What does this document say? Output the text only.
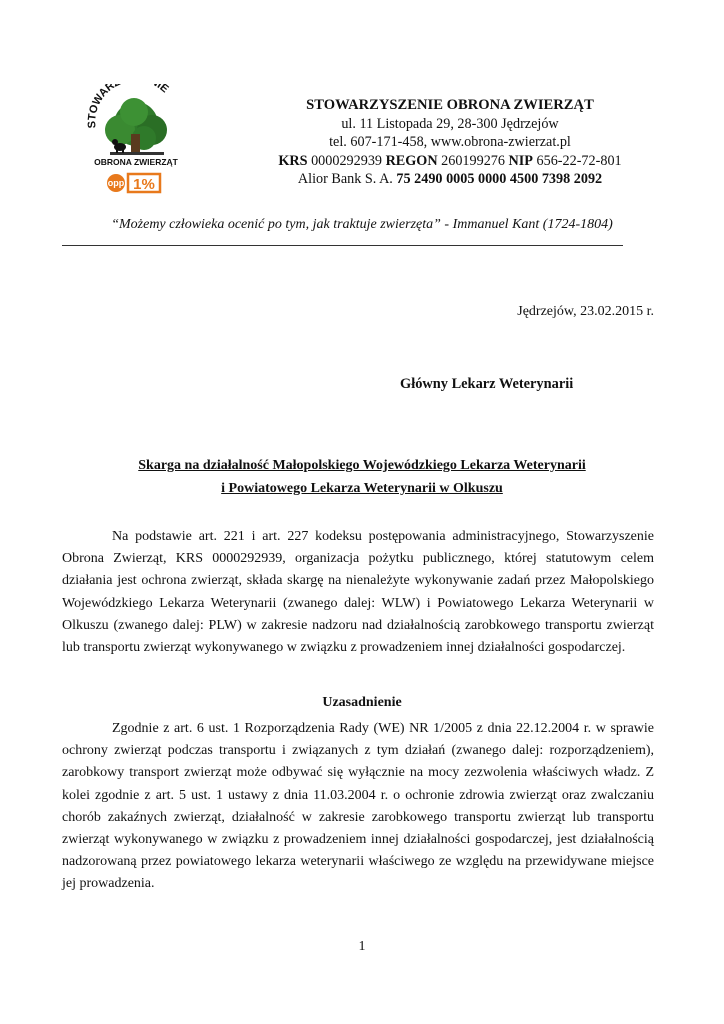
STOWAR IE
OBRONA ZWIERZĄT
opp 1%
STOWARZYSZENIE OBRONA ZWIERZĄT
ul. 11 Listopada 29, 28-300 Jędrzejów
tel. 607-171-458, www.obrona-zwierzat.pl
KRS 0000292939 REGON 260199276 NIP 656-22-72-801
Alior Bank S. A. 75 2490 0005 0000 4500 7398 2092
“Możemy człowieka ocenić po tym, jak traktuje zwierzęta” - Immanuel Kant (1724-1804)
Jędrzejów, 23.02.2015 r.
Główny Lekarz Weterynarii
Skarga na działalność Małopolskiego Wojewódzkiego Lekarza Weterynarii
i Powiatowego Lekarza Weterynarii w Olkuszu

Na podstawie art. 221 i art. 227 kodeksu postępowania administracyjnego, Stowarzyszenie Obrona Zwierząt, KRS 0000292939, organizacja pożytku publicznego, której statutowym celem działania jest ochrona zwierząt, składa skargę na nienależyte wykonywanie zadań przez Małopolskiego Wojewódzkiego Lekarza Weterynarii (zwanego dalej: WLW) i Powiatowego Lekarza Weterynarii w Olkuszu (zwanego dalej: PLW) w zakresie nadzoru nad działalnością zarobkowego transportu zwierząt lub transportu zwierząt wykonywanego w związku z prowadzeniem innej działalności gospodarczej.

Uzasadnienie

Zgodnie z art. 6 ust. 1 Rozporządzenia Rady (WE) NR 1/2005 z dnia 22.12.2004 r. w sprawie ochrony zwierząt podczas transportu i związanych z tym działań (zwanego dalej: rozporządzeniem), zarobkowy transport zwierząt może odbywać się wyłącznie na mocy zezwolenia właściwych władz. Z kolei zgodnie z art. 5 ust. 1 ustawy z dnia 11.03.2004 r. o ochronie zdrowia zwierząt oraz zwalczaniu chorób zakaźnych zwierząt, działalność w zakresie zarobkowego transportu zwierząt lub transportu zwierząt wykonywanego w związku z prowadzeniem innej działalności gospodarczej, jest działalnością nadzorowaną przez powiatowego lekarza weterynarii właściwego ze względu na przewidywane miejsce jej prowadzenia.

1
